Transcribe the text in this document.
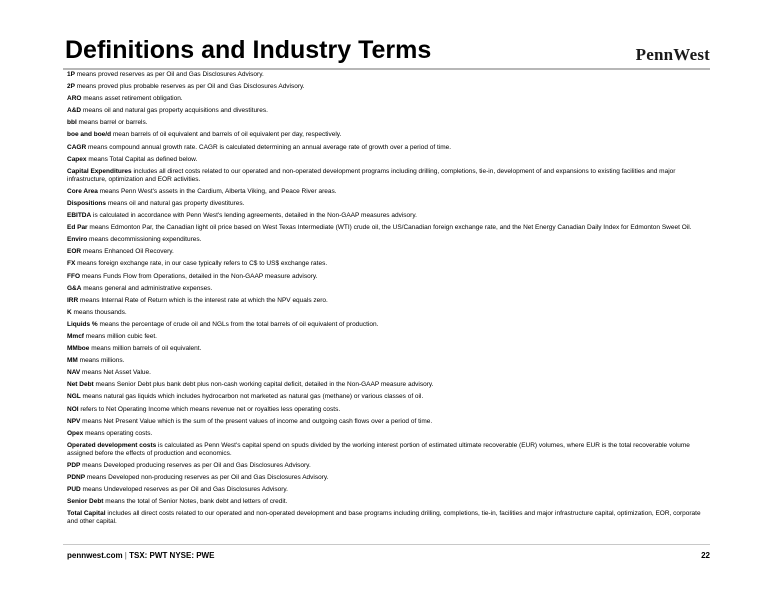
Definitions and Industry Terms	PennWest
1P means proved reserves as per Oil and Gas Disclosures Advisory.
2P means proved plus probable reserves as per Oil and Gas Disclosures Advisory.
ARO means asset retirement obligation.
A&D means oil and natural gas property acquisitions and divestitures.
bbl means barrel or barrels.
boe and boe/d mean barrels of oil equivalent and barrels of oil equivalent per day, respectively.
CAGR means compound annual growth rate. CAGR is calculated determining an annual average rate of growth over a period of time.
Capex means Total Capital as defined below.
Capital Expenditures includes all direct costs related to our operated and non-operated development programs including drilling, completions, tie-in, development of and expansions to existing facilities and major infrastructure, optimization and EOR activities.
Core Area means Penn West's assets in the Cardium, Alberta Viking, and Peace River areas.
Dispositions means oil and natural gas property divestitures.
EBITDA is calculated in accordance with Penn West's lending agreements, detailed in the Non-GAAP measures advisory.
Ed Par means Edmonton Par, the Canadian light oil price based on West Texas Intermediate (WTI) crude oil, the US/Canadian foreign exchange rate, and the Net Energy Canadian Daily Index for Edmonton Sweet Oil.
Enviro means decommissioning expenditures.
EOR means Enhanced Oil Recovery.
FX means foreign exchange rate, in our case typically refers to C$ to US$ exchange rates.
FFO means Funds Flow from Operations, detailed in the Non-GAAP measure advisory.
G&A means general and administrative expenses.
IRR means Internal Rate of Return which is the interest rate at which the NPV equals zero.
K means thousands.
Liquids % means the percentage of crude oil and NGLs from the total barrels of oil equivalent of production.
Mmcf means million cubic feet.
MMboe means million barrels of oil equivalent.
MM means millions.
NAV means Net Asset Value.
Net Debt means Senior Debt plus bank debt plus non-cash working capital deficit, detailed in the Non-GAAP measure advisory.
NGL means natural gas liquids which includes hydrocarbon not marketed as natural gas (methane) or various classes of oil.
NOI refers to Net Operating Income which means revenue net or royalties less operating costs.
NPV means Net Present Value which is the sum of the present values of income and outgoing cash flows over a period of time.
Opex means operating costs.
Operated development costs is calculated as Penn West's capital spend on spuds divided by the working interest portion of estimated ultimate recoverable (EUR) volumes, where EUR is the total recoverable volume assigned before the effects of production and economics.
PDP means Developed producing reserves as per Oil and Gas Disclosures Advisory.
PDNP means Developed non-producing reserves as per Oil and Gas Disclosures Advisory.
PUD means Undeveloped reserves as per Oil and Gas Disclosures Advisory.
Senior Debt means the total of Senior Notes, bank debt and letters of credit.
Total Capital includes all direct costs related to our operated and non-operated development and base programs including drilling, completions, tie-in, facilities and major infrastructure capital, optimization, EOR, corporate and other capital.
pennwest.com | TSX: PWT NYSE: PWE	22
